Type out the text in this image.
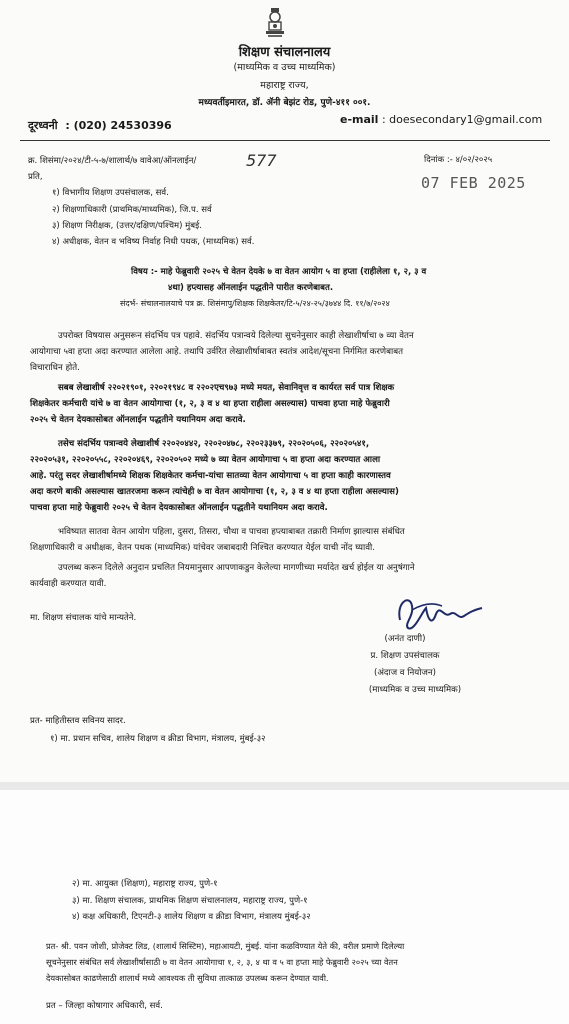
शिक्षण संचालनालय
(माध्यमिक व उच्च माध्यमिक)
महाराष्ट्र राज्य,
मध्यवर्तीइमारत, डॉ. ॲनी बेझंट रोड, पुणे-४११ ००१.
दूरध्वनी : (020) 24530396	e-mail : doesecondary1@gmail.com
क्र. शिसंमा/२०२४/टी-५-७/शालार्थ/७ वावेआ/ऑनलाईन/	577	दिनांक :- ४/०२/२०२५
07 FEB 2025
प्रति,
१) विभागीय शिक्षण उपसंचालक, सर्व.
२) शिक्षणाधिकारी (प्राथमिक/माध्यमिक), जि.प. सर्व
३) शिक्षण निरीक्षक, (उत्तर/दक्षिण/पश्चिम) मुंबई.
४) अधीक्षक, वेतन व भविष्य निर्वाह निधी पथक, (माध्यमिक) सर्व.
विषय :- माहे फेब्रुवारी २०२५ चे वेतन देयके ७ वा वेतन आयोग ५ वा हप्ता (राहीलेला १, २, ३ व
४था) हप्त्यासह ऑनलाईन पद्धतीने पारीत करणेबाबत.
संदर्भ- संचालनालयाचे पत्र क्र. शिसंमापु/शिक्षक शिक्षकेतर/टि-५/२४-२५/३७४४ दि. ११/७/२०२४
उपरोक्त विषयास अनुसरून संदर्भिय पत्र पहावे. संदर्भिय पत्रान्वये दिलेल्या सुचनेनुसार काही लेखाशीर्षाचा ७ व्या वेतन
आयोगाचा ५वा हप्ता अदा करण्यात आलेला आहे. तथापि उर्वरित लेखाशीर्षाबाबत स्वतंत्र आदेश/सूचना निर्गमित करणेबाबत
विचाराधिन होते.
सबब लेखाशीर्ष २२०२१९०१, २२०२१९४८ व २२०२एच९७३ मध्ये मयत, सेवानिवृत्त व कार्यरत सर्व पात्र शिक्षक
शिक्षकेतर कर्मचारी यांचे ७ वा वेतन आयोगाचा (१, २, ३ व ४ था हप्ता राहीला असल्यास) पाचवा हप्ता माहे फेब्रुवारी
२०२५ चे वेतन देयकासोबत ऑनलाईन पद्धतीने यथानियम अदा करावे.
तसेच संदर्भिय पत्रान्वये लेखाशीर्ष २२०२०४४२, २२०२०४७८, २२०२३३७९, २२०२०५०६, २२०२०५४१,
२२०२०५३१, २२०२०५५८, २२०२०४६९, २२०२०५०२ मध्ये ७ व्या वेतन आयोगाचा ५ वा हप्ता अदा करण्यात आला
आहे. परंतु सदर लेखाशीर्षामध्ये शिक्षक शिक्षकेतर कर्मचा-यांचा सातव्या वेतन आयोगाचा ५ वा हप्ता काही कारणास्तव
अदा करणे बाकी असल्यास खातरजमा करून त्यांचेही ७ वा वेतन आयोगाचा (१, २, ३ व ४ था हप्ता राहीला असल्यास)
पाचवा हप्ता माहे फेब्रुवारी २०२५ चे वेतन देयकासोबत ऑनलाईन पद्धतीने यथानियम अदा करावे.
भविष्यात सातवा वेतन आयोग पहिला, दुसरा, तिसरा, चौथा व पाचवा हप्त्याबाबत तक्रारी निर्माण झाल्यास संबंधित
शिक्षणाधिकारी व अधीक्षक, वेतन पथक (माध्यमिक) यांचेवर जबाबदारी निश्चित करण्यात येईल याची नोंद घ्यावी.
उपलब्ध करून दिलेले अनुदान प्रचलित नियमानुसार आपणाकडुन केलेल्या मागणीच्या मर्यादेत खर्च होईल या अनुषंगाने
कार्यवाही करण्यात यावी.
मा. शिक्षण संचालक यांचे मान्यतेने.
(अनंत दाणी)
प्र. शिक्षण उपसंचालक
(अंदाज व नियोजन)
(माध्यमिक व उच्च माध्यमिक)
प्रत- माहितीस्तव सविनय सादर.
१) मा. प्रधान सचिव, शालेय शिक्षण व क्रीडा विभाग, मंत्रालय, मुंबई-३२
२) मा. आयुक्त (शिक्षण), महाराष्ट्र राज्य, पुणे-१
३) मा. शिक्षण संचालक, प्राथमिक शिक्षण संचालनालय, महाराष्ट्र राज्य, पुणे-१
४) कक्ष अधिकारी, टिएनटी-३ शालेय शिक्षण व क्रीडा विभाग, मंत्रालय मुंबई-३२
प्रत- श्री. पवन जोशी, प्रोजेक्ट लिड, (शालार्थ सिस्टिम), महाआयटी, मुंबई. यांना कळविण्यात येते की, वरील प्रमाणे दिलेल्या
सूचनेनुसार संबंधित सर्व लेखाशीर्षासाठी ७ वा वेतन आयोगाचा १, २, ३, ४ था व ५ वा हप्ता माहे फेब्रुवारी २०२५ च्या वेतन
देयकासोबत काढणेसाठी शालार्थ मध्ये आवश्यक ती सुविधा तात्काळ उपलब्ध करून देण्यात यावी.
प्रत – जिल्हा कोषागार अधिकारी, सर्व.
